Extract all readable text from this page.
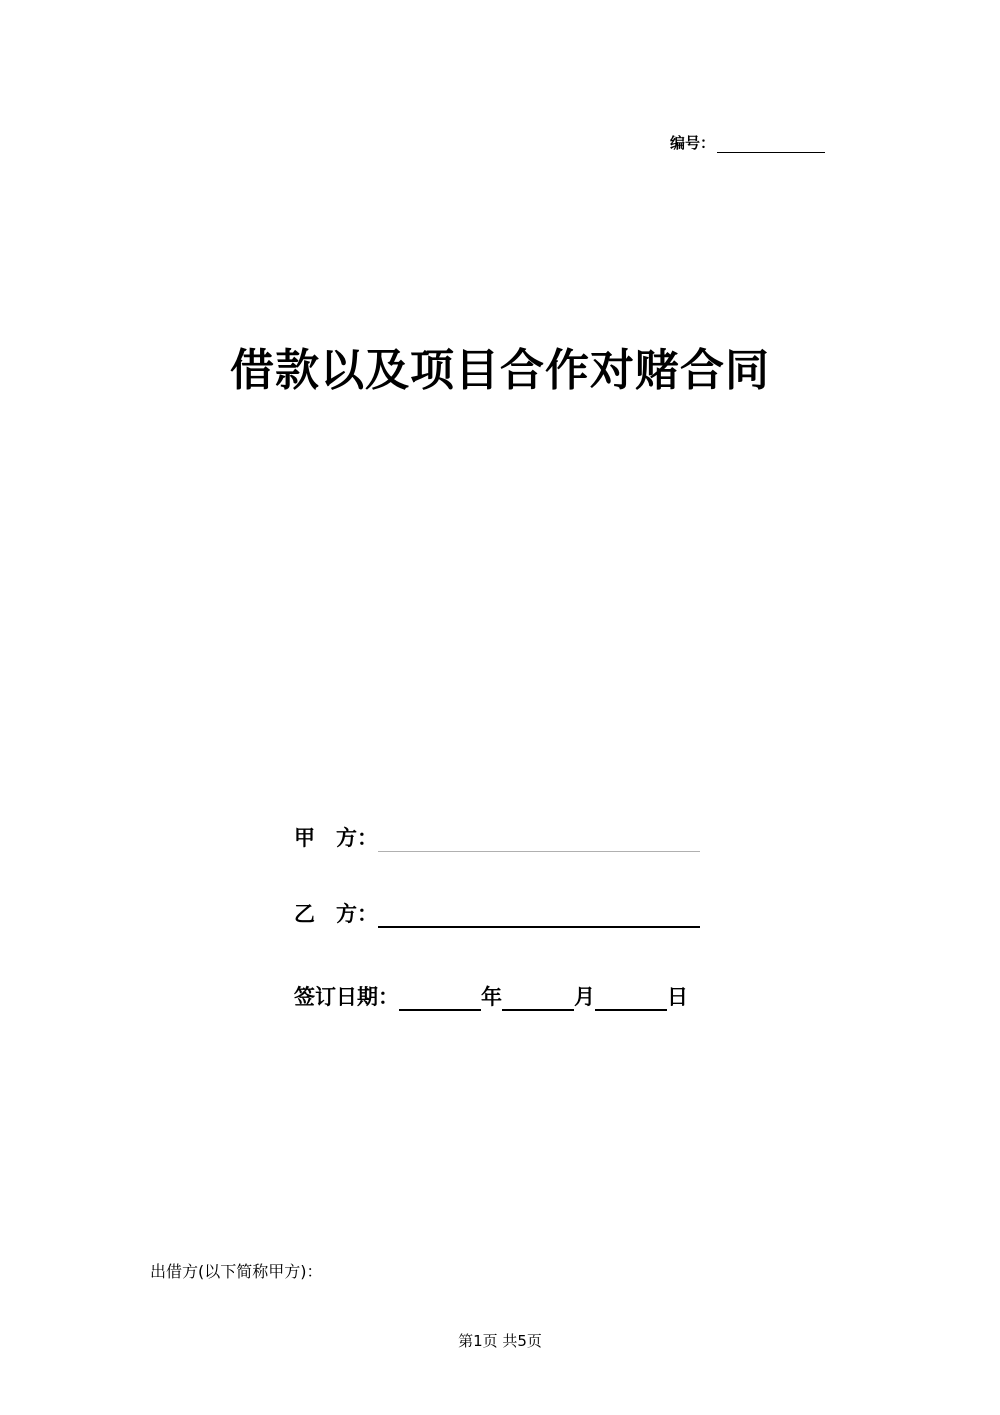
编号：
借款以及项目合作对赌合同
甲　方：
乙　方：
签订日期：	年	月	日
出借方(以下简称甲方)：
第1页 共5页
